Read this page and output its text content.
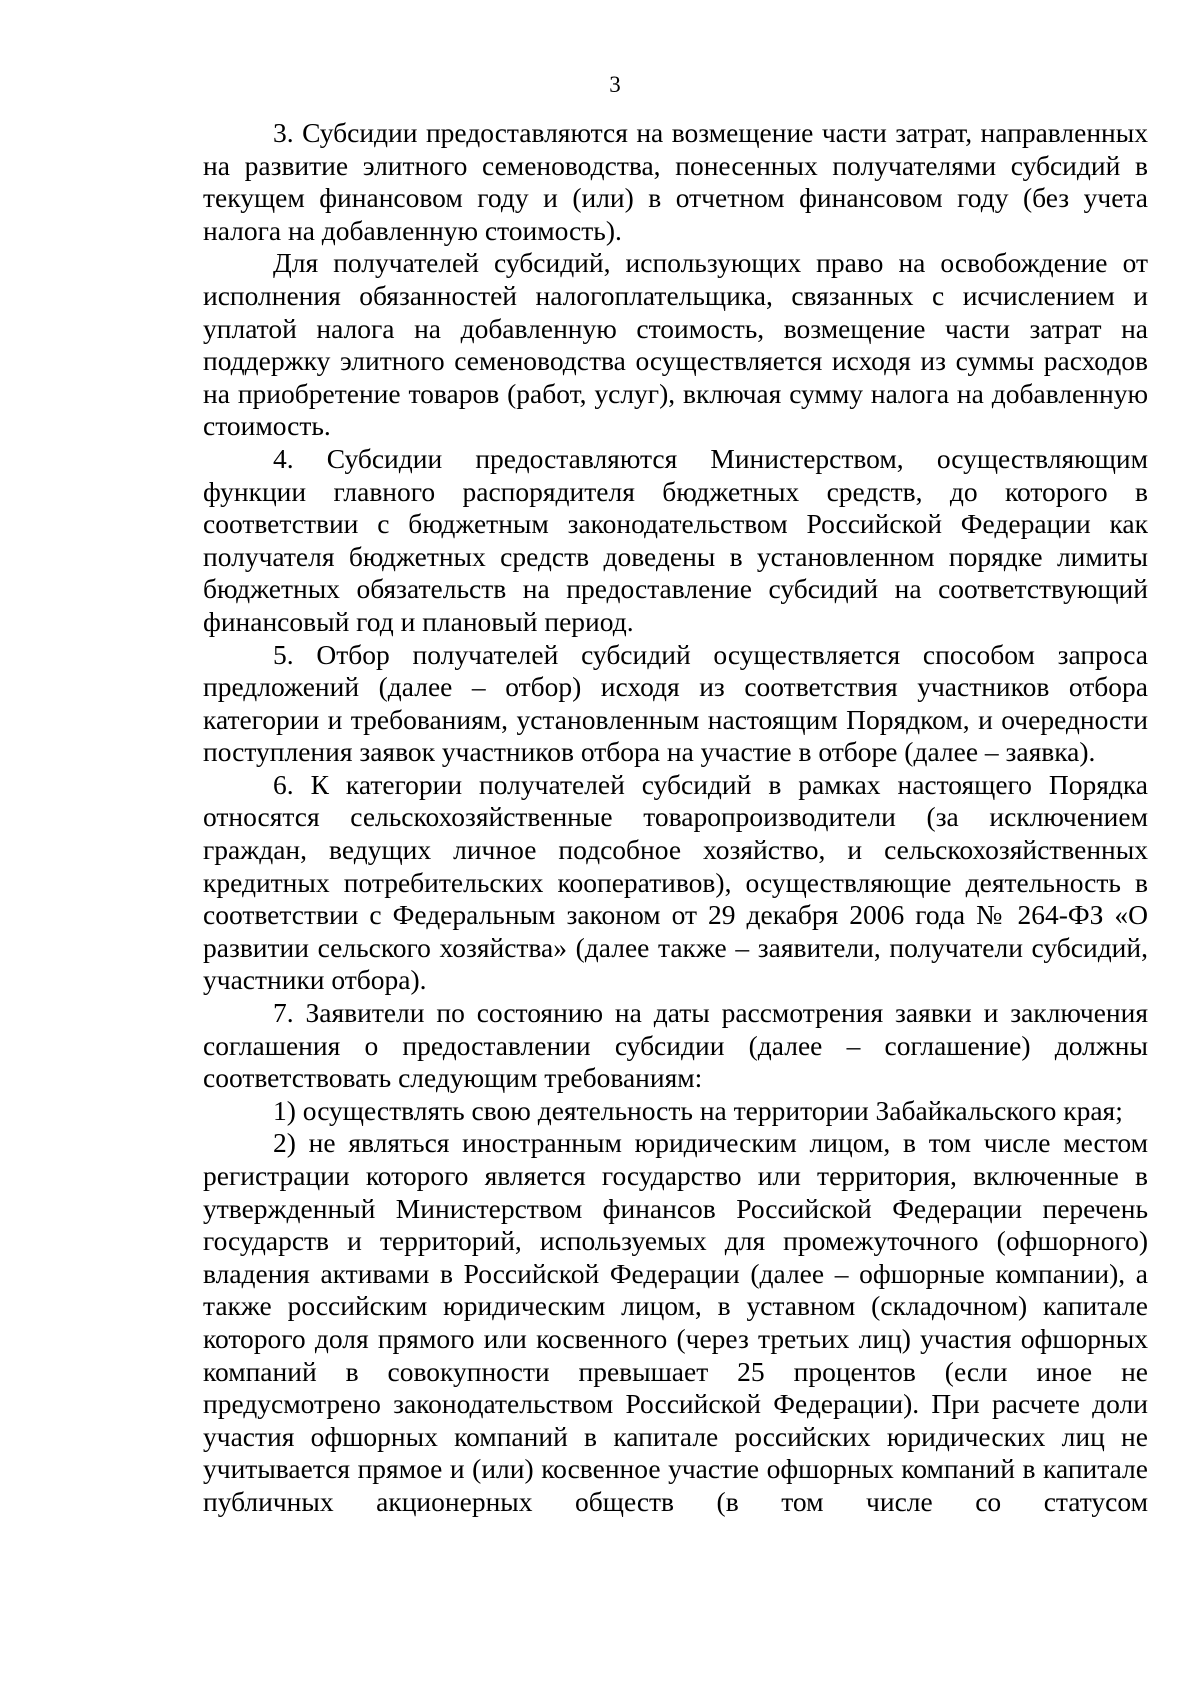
3

3. Субсидии предоставляются на возмещение части затрат, направленных на развитие элитного семеноводства, понесенных получателями субсидий в текущем финансовом году и (или) в отчетном финансовом году (без учета налога на добавленную стоимость).

Для получателей субсидий, использующих право на освобождение от исполнения обязанностей налогоплательщика, связанных с исчислением и уплатой налога на добавленную стоимость, возмещение части затрат на поддержку элитного семеноводства осуществляется исходя из суммы расходов на приобретение товаров (работ, услуг), включая сумму налога на добавленную стоимость.

4. Субсидии предоставляются Министерством, осуществляющим функции главного распорядителя бюджетных средств, до которого в соответствии с бюджетным законодательством Российской Федерации как получателя бюджетных средств доведены в установленном порядке лимиты бюджетных обязательств на предоставление субсидий на соответствующий финансовый год и плановый период.

5. Отбор получателей субсидий осуществляется способом запроса предложений (далее – отбор) исходя из соответствия участников отбора категории и требованиям, установленным настоящим Порядком, и очередности поступления заявок участников отбора на участие в отборе (далее – заявка).

6. К категории получателей субсидий в рамках настоящего Порядка относятся сельскохозяйственные товаропроизводители (за исключением граждан, ведущих личное подсобное хозяйство, и сельскохозяйственных кредитных потребительских кооперативов), осуществляющие деятельность в соответствии с Федеральным законом от 29 декабря 2006 года № 264-ФЗ «О развитии сельского хозяйства» (далее также – заявители, получатели субсидий, участники отбора).

7. Заявители по состоянию на даты рассмотрения заявки и заключения соглашения о предоставлении субсидии (далее – соглашение) должны соответствовать следующим требованиям:

1) осуществлять свою деятельность на территории Забайкальского края;

2) не являться иностранным юридическим лицом, в том числе местом регистрации которого является государство или территория, включенные в утвержденный Министерством финансов Российской Федерации перечень государств и территорий, используемых для промежуточного (офшорного) владения активами в Российской Федерации (далее – офшорные компании), а также российским юридическим лицом, в уставном (складочном) капитале которого доля прямого или косвенного (через третьих лиц) участия офшорных компаний в совокупности превышает 25 процентов (если иное не предусмотрено законодательством Российской Федерации). При расчете доли участия офшорных компаний в капитале российских юридических лиц не учитывается прямое и (или) косвенное участие офшорных компаний в капитале публичных акционерных обществ (в том числе со статусом
